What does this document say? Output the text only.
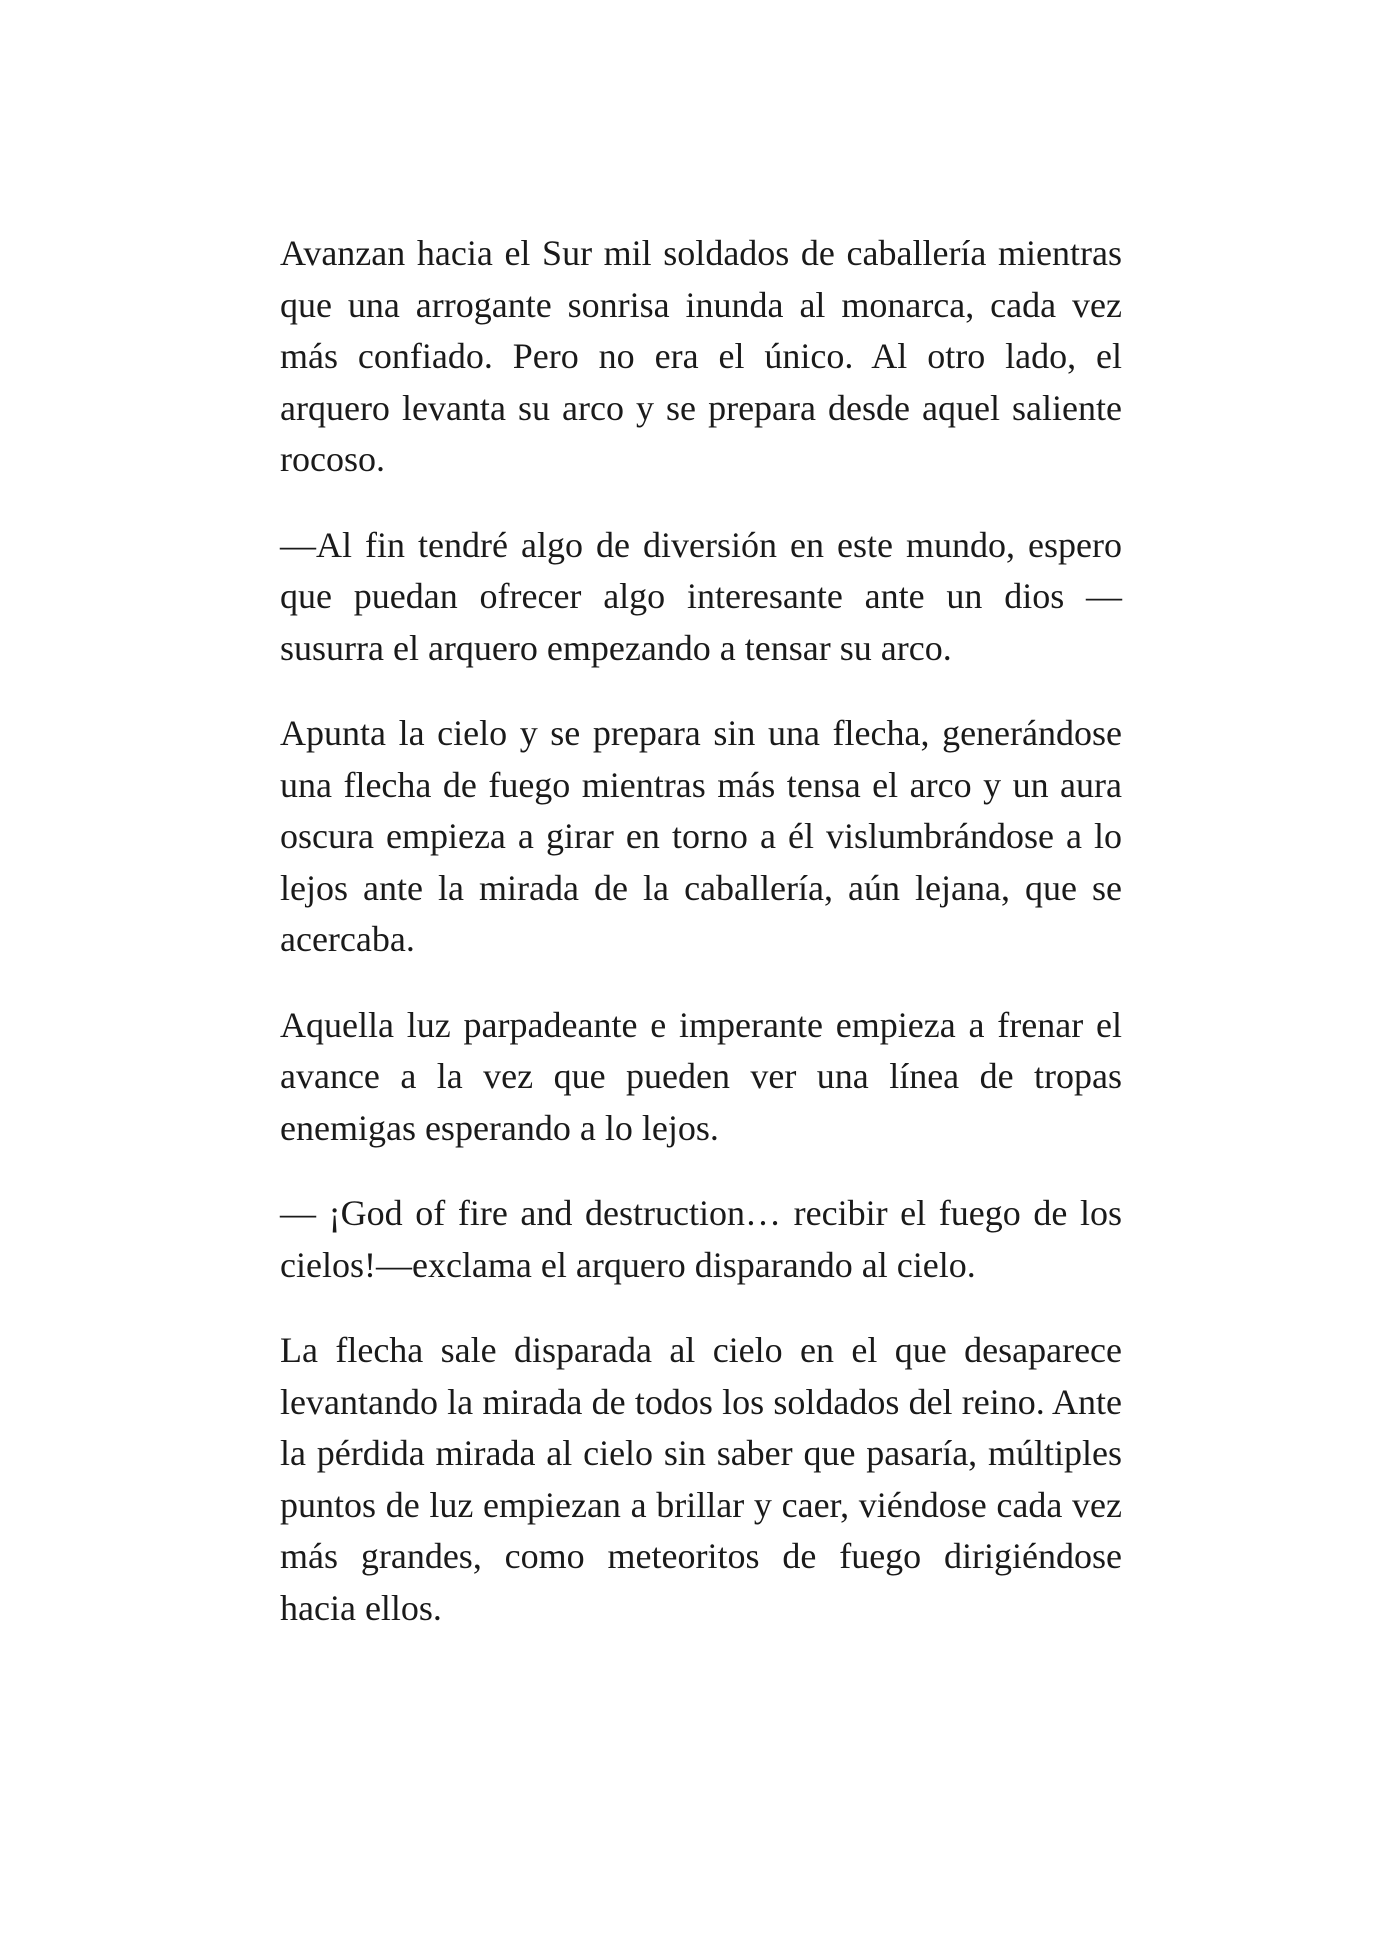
Avanzan hacia el Sur mil soldados de caballería mientras que una arrogante sonrisa inunda al monarca, cada vez más confiado. Pero no era el único. Al otro lado, el arquero levanta su arco y se prepara desde aquel saliente rocoso.

—Al fin tendré algo de diversión en este mundo, espero que puedan ofrecer algo interesante ante un dios —susurra el arquero empezando a tensar su arco.

Apunta la cielo y se prepara sin una flecha, generándose una flecha de fuego mientras más tensa el arco y un aura oscura empieza a girar en torno a él vislumbrándose a lo lejos ante la mirada de la caballería, aún lejana, que se acercaba.

Aquella luz parpadeante e imperante empieza a frenar el avance a la vez que pueden ver una línea de tropas enemigas esperando a lo lejos.

— ¡God of fire and destruction… recibir el fuego de los cielos!—exclama el arquero disparando al cielo.

La flecha sale disparada al cielo en el que desaparece levantando la mirada de todos los soldados del reino. Ante la pérdida mirada al cielo sin saber que pasaría, múltiples puntos de luz empiezan a brillar y caer, viéndose cada vez más grandes, como meteoritos de fuego dirigiéndose hacia ellos.
